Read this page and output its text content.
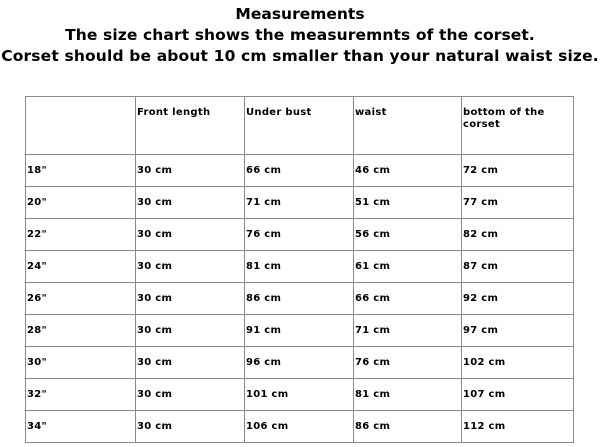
Measurements
The size chart shows the measuremnts of the corset.
Corset should be about 10 cm smaller than your natural waist size.
	Front length	Under bust	waist	bottom of the corset
18"	30 cm	66 cm	46 cm	72 cm
20"	30 cm	71 cm	51 cm	77 cm
22"	30 cm	76 cm	56 cm	82 cm
24"	30 cm	81 cm	61 cm	87 cm
26"	30 cm	86 cm	66 cm	92 cm
28"	30 cm	91 cm	71 cm	97 cm
30"	30 cm	96 cm	76 cm	102 cm
32"	30 cm	101 cm	81 cm	107 cm
34"	30 cm	106 cm	86 cm	112 cm
